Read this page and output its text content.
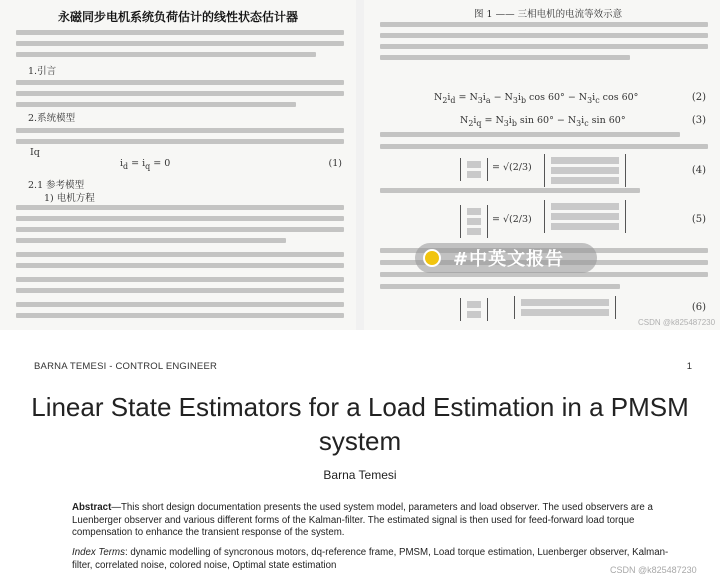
永磁同步电机系统负荷估计的线性状态估计器
1.引言
2.系统模型
Iq
$i_d = i_q = 0$	(1)
2.1 参考模型
1) 电机方程
图 1 —— 三相电机的电流等效示意
$N_2i_d = N_3i_a - N_3i_b$ $\cos 60^\circ - N_3i_c$ cos 60°	(2)
$N_2i_q = N_3i_b$ $\sin 60^\circ - N_3i_c$ sin 60°	(3)
= √(2/3)	(4)
= √(2/3)	(5)
(6)
#中英文报告
CSDN @k825487230
BARNA TEMESI - CONTROL ENGINEER	1
Linear State Estimators for a Load Estimation in a PMSM system
Barna Temesi
Abstract—This short design documentation presents the used system model, parameters and load observer. The used observers are a Luenberger observer and various different forms of the Kalman-filter. The estimated signal is then used for feed-forward load torque compensation to enhance the transient response of the system.
Index Terms: dynamic modelling of syncronous motors, dq-reference frame, PMSM, Load torque estimation, Luenberger observer, Kalman-filter, correlated noise, colored noise, Optimal state estimation	CSDN @k825487230
